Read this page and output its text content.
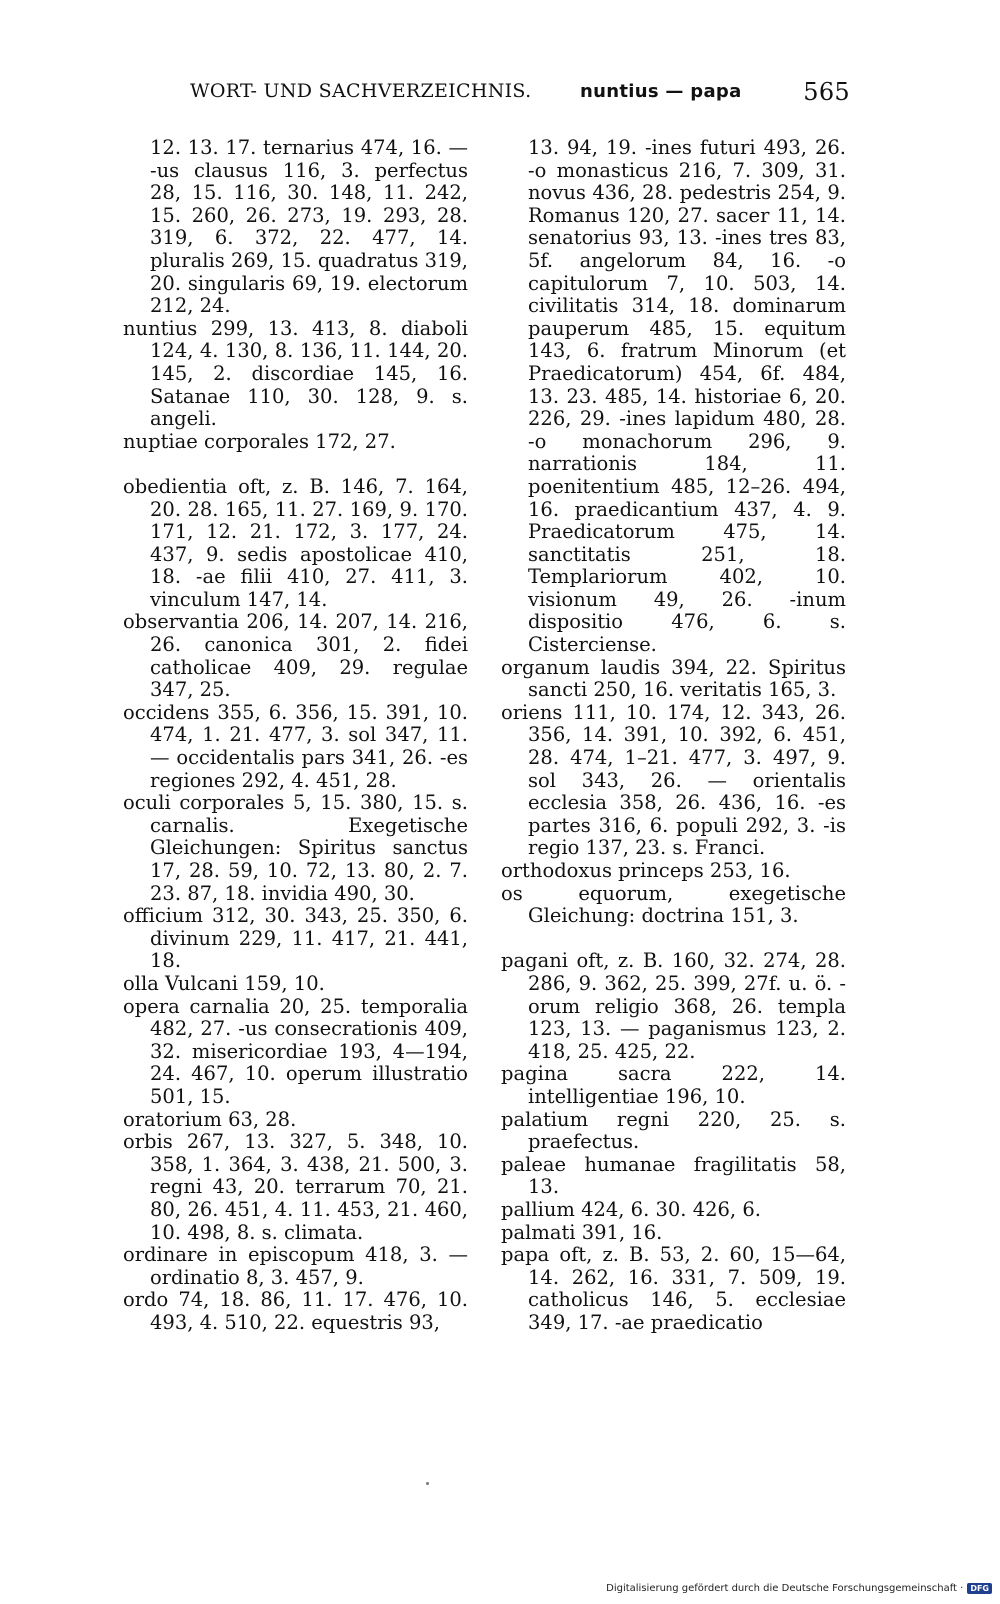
WORT- UND SACHVERZEICHNIS.	nuntius — papa	565

12. 13. 17. ternarius 474, 16. — -us clausus 116, 3. perfectus 28, 15. 116, 30. 148, 11. 242, 15. 260, 26. 273, 19. 293, 28. 319, 6. 372, 22. 477, 14. pluralis 269, 15. quadratus 319, 20. singularis 69, 19. electorum 212, 24.

nuntius 299, 13. 413, 8. diaboli 124, 4. 130, 8. 136, 11. 144, 20. 145, 2. discordiae 145, 16. Satanae 110, 30. 128, 9. s. angeli.

nuptiae corporales 172, 27.

obedientia oft, z. B. 146, 7. 164, 20. 28. 165, 11. 27. 169, 9. 170. 171, 12. 21. 172, 3. 177, 24. 437, 9. sedis apostolicae 410, 18. -ae filii 410, 27. 411, 3. vinculum 147, 14.

observantia 206, 14. 207, 14. 216, 26. canonica 301, 2. fidei catholicae 409, 29. regulae 347, 25.

occidens 355, 6. 356, 15. 391, 10. 474, 1. 21. 477, 3. sol 347, 11. — occidentalis pars 341, 26. -es regiones 292, 4. 451, 28.

oculi corporales 5, 15. 380, 15. s. carnalis. Exegetische Gleichungen: Spiritus sanctus 17, 28. 59, 10. 72, 13. 80, 2. 7. 23. 87, 18. invidia 490, 30.

officium 312, 30. 343, 25. 350, 6. divinum 229, 11. 417, 21. 441, 18.

olla Vulcani 159, 10.

opera carnalia 20, 25. temporalia 482, 27. -us consecrationis 409, 32. misericordiae 193, 4—194, 24. 467, 10. operum illustratio 501, 15.

oratorium 63, 28.

orbis 267, 13. 327, 5. 348, 10. 358, 1. 364, 3. 438, 21. 500, 3. regni 43, 20. terrarum 70, 21. 80, 26. 451, 4. 11. 453, 21. 460, 10. 498, 8. s. climata.

ordinare in episcopum 418, 3. — ordinatio 8, 3. 457, 9.

ordo 74, 18. 86, 11. 17. 476, 10. 493, 4. 510, 22. equestris 93,

13. 94, 19. -ines futuri 493, 26. -o monasticus 216, 7. 309, 31. novus 436, 28. pedestris 254, 9. Romanus 120, 27. sacer 11, 14. senatorius 93, 13. -ines tres 83, 5f. angelorum 84, 16. -o capitulorum 7, 10. 503, 14. civilitatis 314, 18. dominarum pauperum 485, 15. equitum 143, 6. fratrum Minorum (et Praedicatorum) 454, 6f. 484, 13. 23. 485, 14. historiae 6, 20. 226, 29. -ines lapidum 480, 28. -o monachorum 296, 9. narrationis 184, 11. poenitentium 485, 12–26. 494, 16. praedicantium 437, 4. 9. Praedicatorum 475, 14. sanctitatis 251, 18. Templariorum 402, 10. visionum 49, 26. -inum dispositio 476, 6. s. Cisterciense.

organum laudis 394, 22. Spiritus sancti 250, 16. veritatis 165, 3.

oriens 111, 10. 174, 12. 343, 26. 356, 14. 391, 10. 392, 6. 451, 28. 474, 1–21. 477, 3. 497, 9. sol 343, 26. — orientalis ecclesia 358, 26. 436, 16. -es partes 316, 6. populi 292, 3. -is regio 137, 23. s. Franci.

orthodoxus princeps 253, 16.

os equorum, exegetische Gleichung: doctrina 151, 3.

pagani oft, z. B. 160, 32. 274, 28. 286, 9. 362, 25. 399, 27f. u. ö. -orum religio 368, 26. templa 123, 13. — paganismus 123, 2. 418, 25. 425, 22.

pagina sacra 222, 14. intelligentiae 196, 10.

palatium regni 220, 25. s. praefectus.

paleae humanae fragilitatis 58, 13.

pallium 424, 6. 30. 426, 6.

palmati 391, 16.

papa oft, z. B. 53, 2. 60, 15—64, 14. 262, 16. 331, 7. 509, 19. catholicus 146, 5. ecclesiae 349, 17. -ae praedicatio

Digitalisierung gefördert durch die Deutsche Forschungsgemeinschaft · DFG
